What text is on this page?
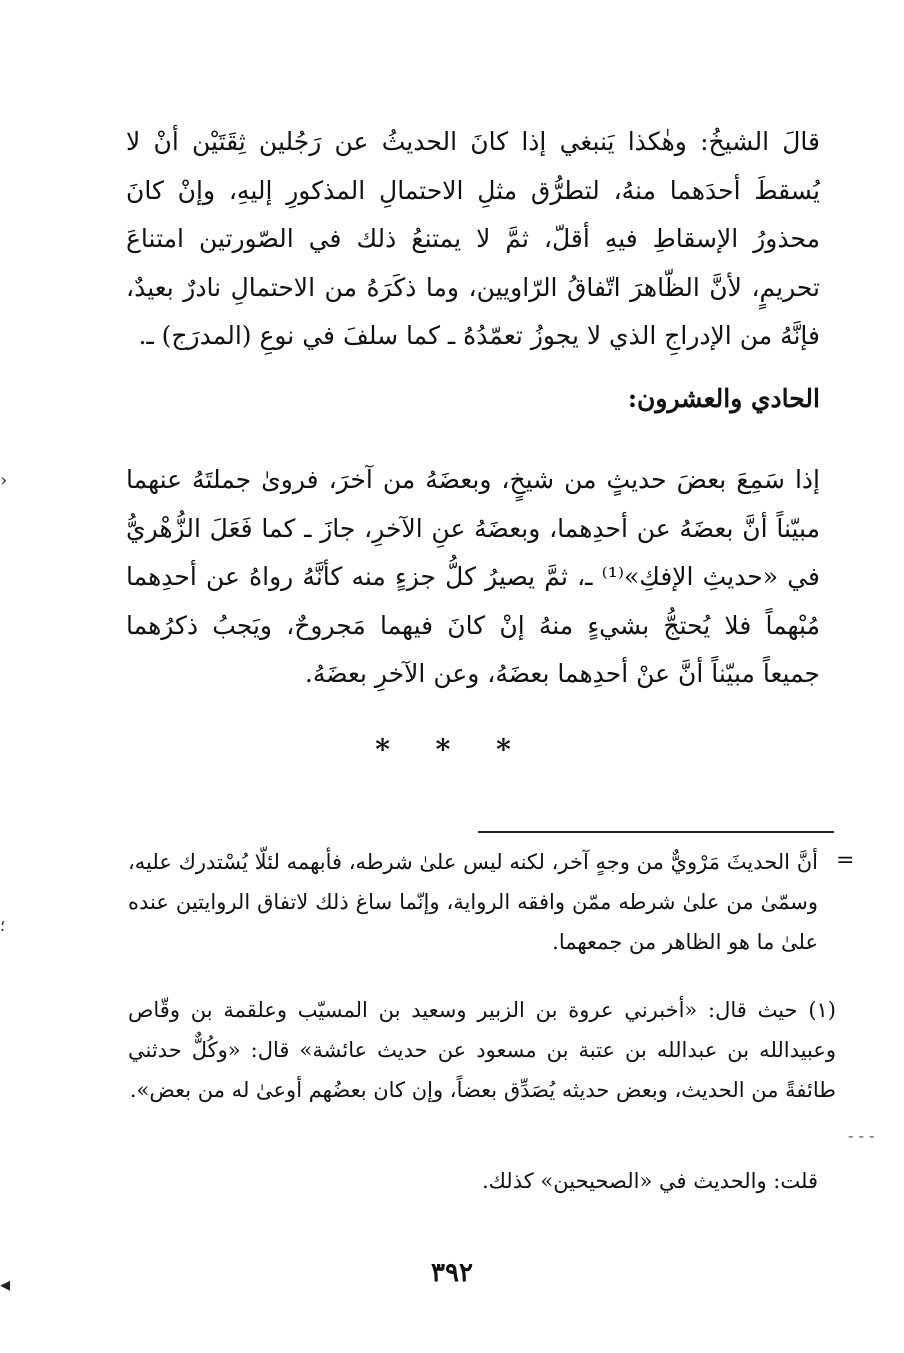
قالَ الشيخُ: وهٰكذا يَنبغي إذا كانَ الحديثُ عن رَجُلين ثِقَتَيْن أنْ لا يُسقطَ أحدَهما منهُ، لتطرُّق مثلِ الاحتمالِ المذكورِ إليهِ، وإنْ كانَ محذورُ الإسقاطِ فيهِ أقلّ، ثمَّ لا يمتنعُ ذلك في الصّورتين امتناعَ تحريمٍ، لأنَّ الظّاهرَ اتّفاقُ الرّاويين، وما ذكَرَهُ من الاحتمالِ نادرٌ بعيدٌ، فإنَّهُ من الإدراجِ الذي لا يجوزُ تعمّدُهُ ـ كما سلفَ في نوعِ (المدرَج) ـ.

الحادي والعشرون:

إذا سَمِعَ بعضَ حديثٍ من شيخٍ، وبعضَهُ من آخرَ، فروىٰ جملتَهُ عنهما مبيّناً أنَّ بعضَهُ عن أحدِهما، وبعضَهُ عنِ الآخرِ، جازَ ـ كما فَعَلَ الزُّهْريُّ في «حديثِ الإفكِ»⁽¹⁾ ـ، ثمَّ يصيرُ كلُّ جزءٍ منه كأنَّهُ رواهُ عن أحدِهما مُبْهماً فلا يُحتجُّ بشيءٍ منهُ إنْ كانَ فيهما مَجروحٌ، ويَجبُ ذكرُهما جميعاً مبيّناً أنَّ عنْ أحدِهما بعضَهُ، وعن الآخرِ بعضَهُ.

* * *
=

أنَّ الحديثَ مَرْويٌّ من وجهٍ آخر، لكنه ليس علىٰ شرطه، فأبهمه لئلّا يُسْتدرك عليه، وسمّىٰ من علىٰ شرطه ممّن وافقه الرواية، وإنّما ساغ ذلك لاتفاق الروايتين عنده علىٰ ما هو الظاهر من جمعهما.

(١) حيث قال: «أخبرني عروة بن الزبير وسعيد بن المسيّب وعلقمة بن وقّاص وعبيدالله بن عبدالله بن عتبة بن مسعود عن حديث عائشة» قال: «وكُلٌّ حدثني طائفةً من الحديث، وبعض حديثه يُصَدِّق بعضاً، وإن كان بعضُهم أوعىٰ له من بعض».

قلت: والحديث في «الصحيحين» كذلك.

٣٩٢
›
؛
◂
- - -
